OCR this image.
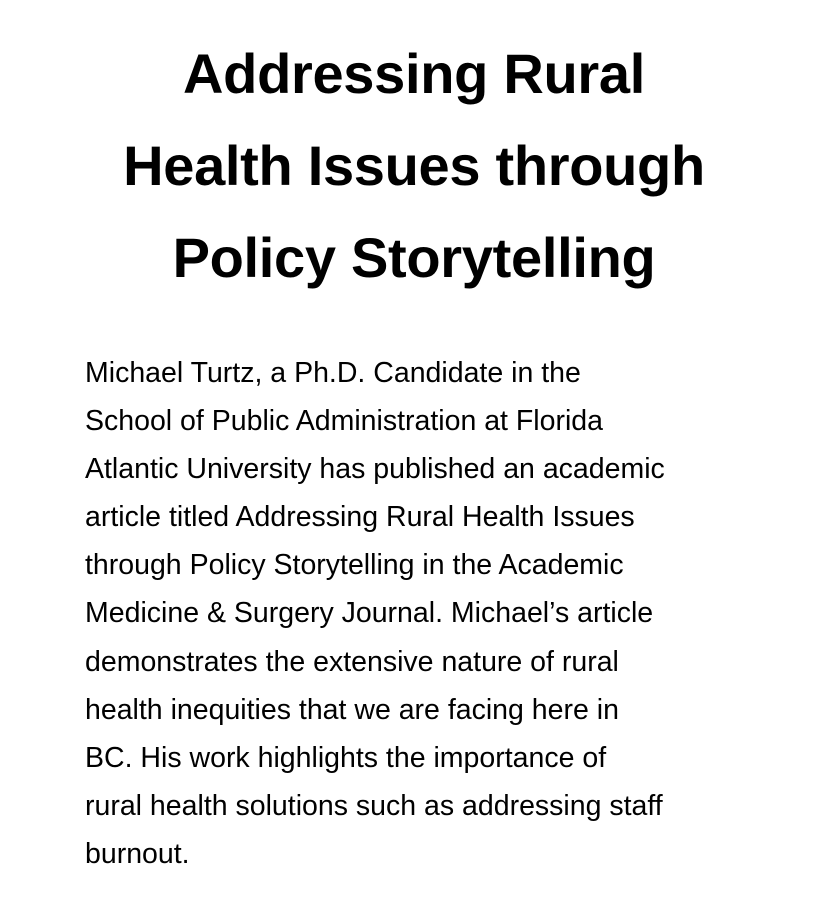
Addressing Rural
Health Issues through
Policy Storytelling

Michael Turtz, a Ph.D. Candidate in the
School of Public Administration at Florida
Atlantic University has published an academic
article titled Addressing Rural Health Issues
through Policy Storytelling in the Academic
Medicine & Surgery Journal. Michael’s article
demonstrates the extensive nature of rural
health inequities that we are facing here in
BC. His work highlights the importance of
rural health solutions such as addressing staff
burnout.
